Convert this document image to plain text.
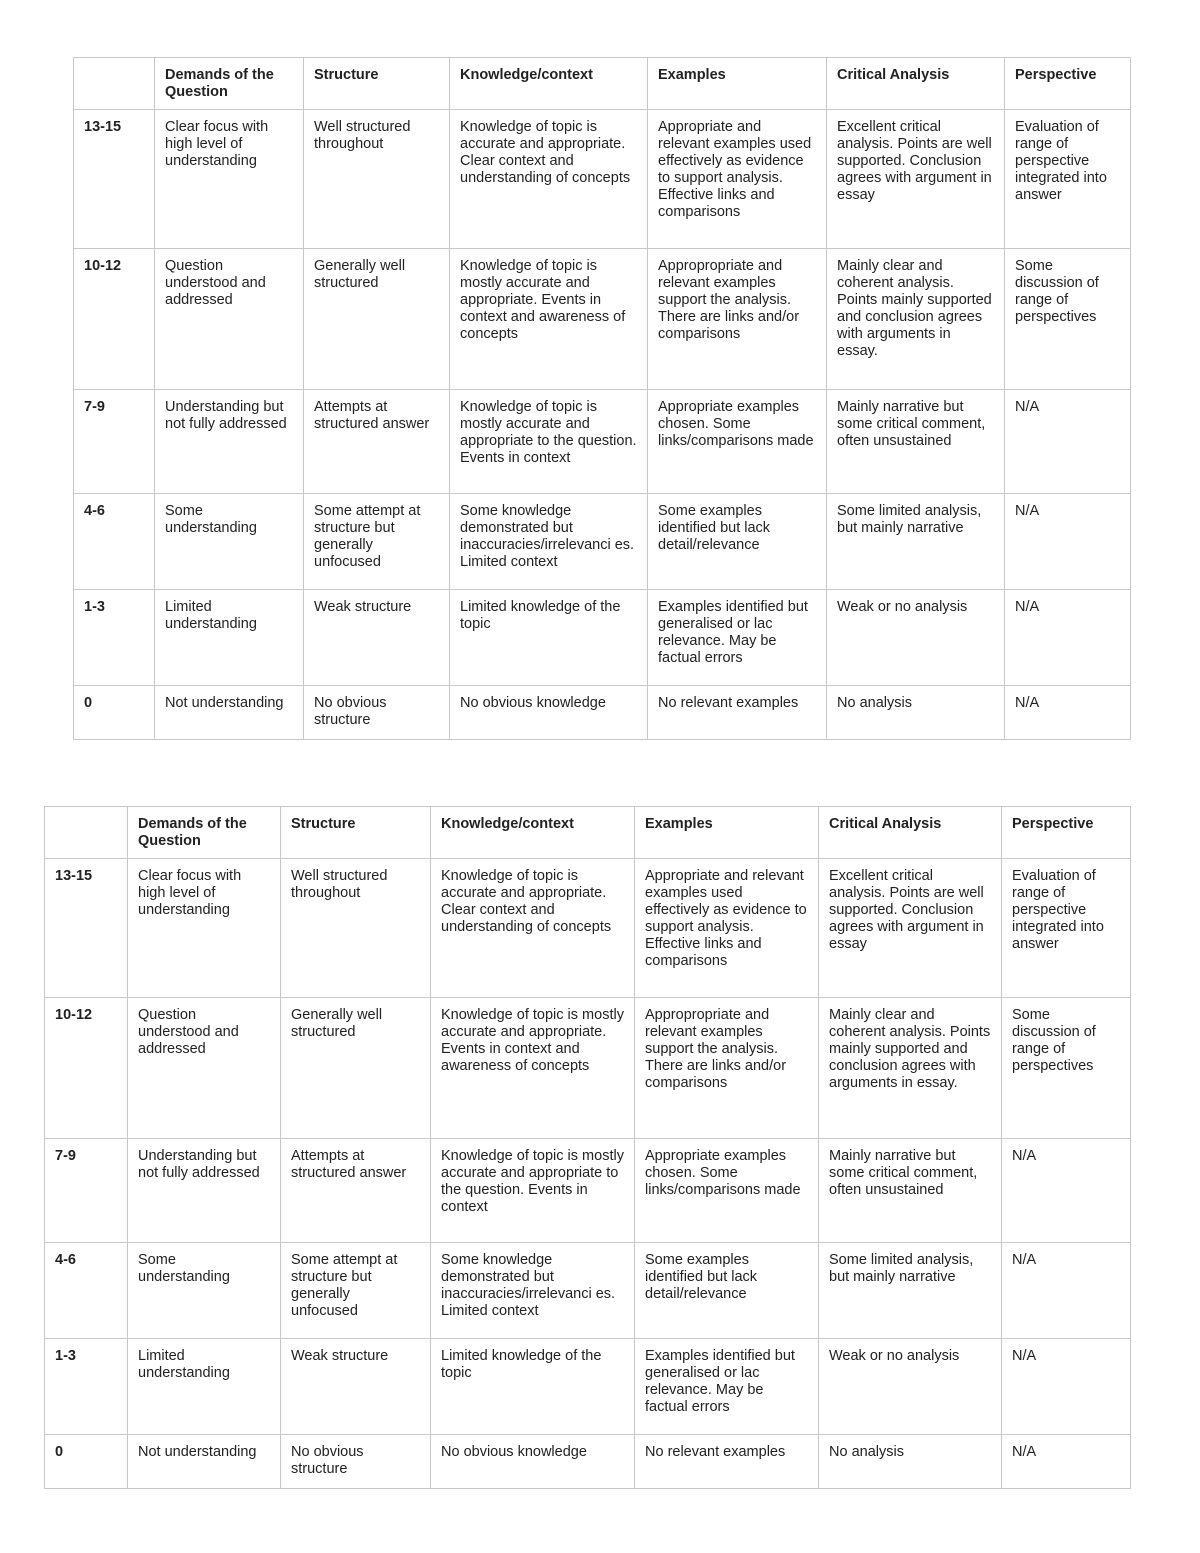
	Demands of the Question	Structure	Knowledge/context	Examples	Critical Analysis	Perspective
13-15	Clear focus with high level of understanding	Well structured throughout	Knowledge of topic is accurate and appropriate. Clear context and understanding of concepts	Appropriate and relevant examples used effectively as evidence to support analysis. Effective links and comparisons	Excellent critical analysis. Points are well supported. Conclusion agrees with argument in essay	Evaluation of range of perspective integrated into answer
10-12	Question understood and addressed	Generally well structured	Knowledge of topic is mostly accurate and appropriate. Events in context and awareness of concepts	Appropropriate and relevant examples support the analysis. There are links and/or comparisons	Mainly clear and coherent analysis. Points mainly supported and conclusion agrees with arguments in essay.	Some discussion of range of perspectives
7-9	Understanding but not fully addressed	Attempts at structured answer	Knowledge of topic is mostly accurate and appropriate to the question. Events in context	Appropriate examples chosen. Some links/comparisons made	Mainly narrative but some critical comment, often unsustained	N/A
4-6	Some understanding	Some attempt at structure but generally unfocused	Some knowledge demonstrated but inaccuracies/irrelevanci es. Limited context	Some examples identified but lack detail/relevance	Some limited analysis, but mainly narrative	N/A
1-3	Limited understanding	Weak structure	Limited knowledge of the topic	Examples identified but generalised or lac relevance. May be factual errors	Weak or no analysis	N/A
0	Not understanding	No obvious structure	No obvious knowledge	No relevant examples	No analysis	N/A
	Demands of the Question	Structure	Knowledge/context	Examples	Critical Analysis	Perspective
13-15	Clear focus with high level of understanding	Well structured throughout	Knowledge of topic is accurate and appropriate. Clear context and understanding of concepts	Appropriate and relevant examples used effectively as evidence to support analysis. Effective links and comparisons	Excellent critical analysis. Points are well supported. Conclusion agrees with argument in essay	Evaluation of range of perspective integrated into answer
10-12	Question understood and addressed	Generally well structured	Knowledge of topic is mostly accurate and appropriate. Events in context and awareness of concepts	Appropropriate and relevant examples support the analysis. There are links and/or comparisons	Mainly clear and coherent analysis. Points mainly supported and conclusion agrees with arguments in essay.	Some discussion of range of perspectives
7-9	Understanding but not fully addressed	Attempts at structured answer	Knowledge of topic is mostly accurate and appropriate to the question. Events in context	Appropriate examples chosen. Some links/comparisons made	Mainly narrative but some critical comment, often unsustained	N/A
4-6	Some understanding	Some attempt at structure but generally unfocused	Some knowledge demonstrated but inaccuracies/irrelevanci es. Limited context	Some examples identified but lack detail/relevance	Some limited analysis, but mainly narrative	N/A
1-3	Limited understanding	Weak structure	Limited knowledge of the topic	Examples identified but generalised or lac relevance. May be factual errors	Weak or no analysis	N/A
0	Not understanding	No obvious structure	No obvious knowledge	No relevant examples	No analysis	N/A
